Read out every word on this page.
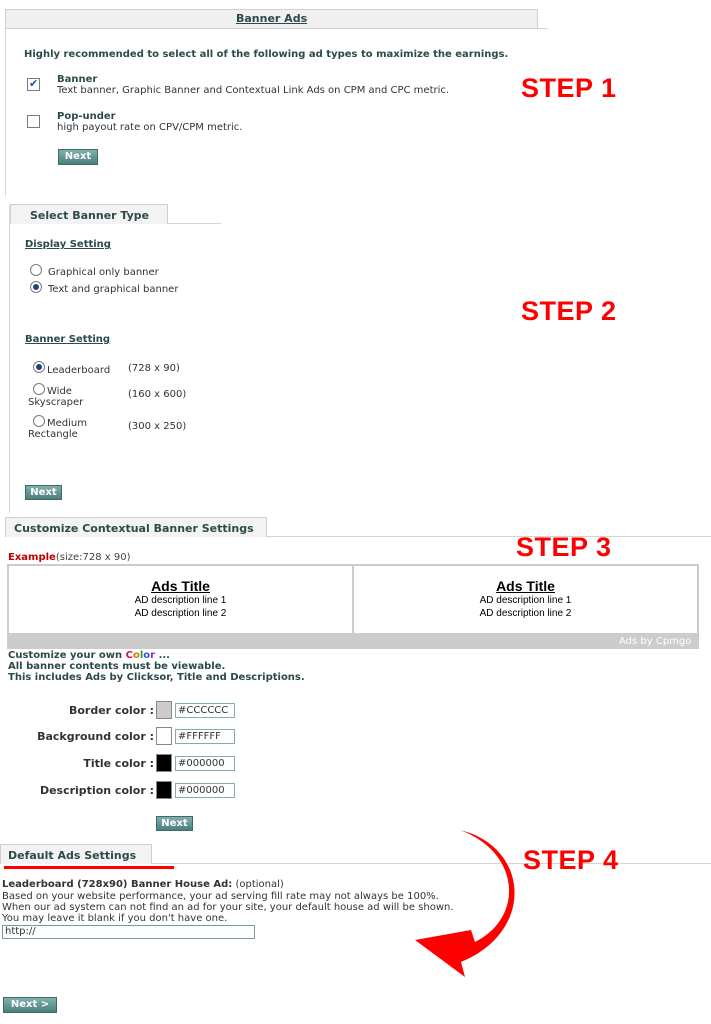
Banner Ads
Highly recommended to select all of the following ad types to maximize the earnings.
✔
Banner
Text banner, Graphic Banner and Contextual Link Ads on CPM and CPC metric.
Pop-under
high payout rate on CPV/CPM metric.
Next
STEP 1
Select Banner Type
Display Setting
Graphical only banner
Text and graphical banner
Banner Setting
Leaderboard (728 x 90)
Wide
Skyscraper
(160 x 600)
Medium
Rectangle
(300 x 250)
Next
STEP 2
Customize Contextual Banner Settings
Example(size:728 x 90)
Ads Title
AD description line 1
AD description line 2
Ads Title
AD description line 1
AD description line 2
Ads by Cpmgo
Customize your own Color ...
All banner contents must be viewable.
This includes Ads by Clicksor, Title and Descriptions.
Border color :	#CCCCCC
Background color :	#FFFFFF
Title color :	#000000
Description color :	#000000
Next
STEP 3
Default Ads Settings
Leaderboard (728x90) Banner House Ad: (optional)
Based on your website performance, your ad serving fill rate may not always be 100%.
When our ad system can not find an ad for your site, your default house ad will be shown.
You may leave it blank if you don't have one.
http://
Next >
STEP 4
